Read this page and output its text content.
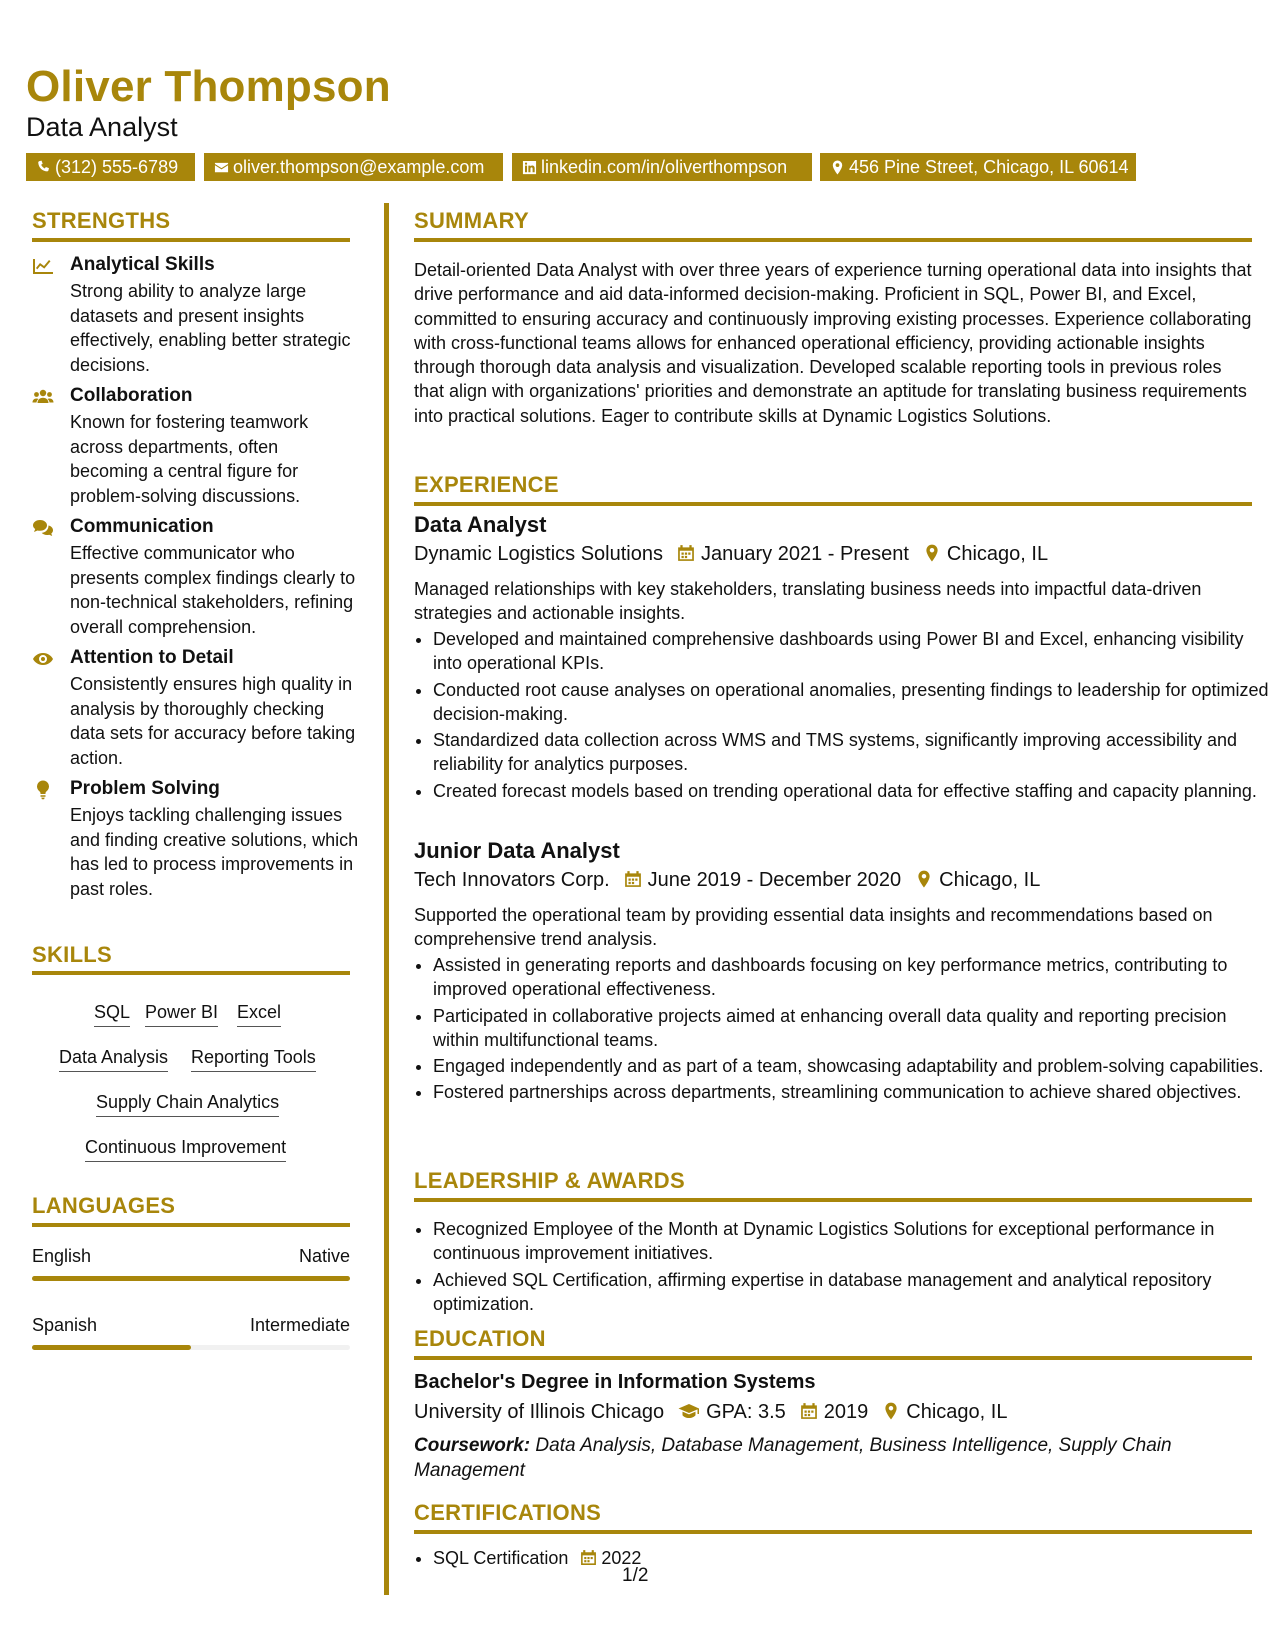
Oliver Thompson
Data Analyst
(312) 555-6789	oliver.thompson@example.com	linkedin.com/in/oliverthompson	456 Pine Street, Chicago, IL 60614
STRENGTHS
Analytical Skills
Strong ability to analyze large datasets and present insights effectively, enabling better strategic decisions.
Collaboration
Known for fostering teamwork across departments, often becoming a central figure for problem-solving discussions.
Communication
Effective communicator who presents complex findings clearly to non-technical stakeholders, refining overall comprehension.
Attention to Detail
Consistently ensures high quality in analysis by thoroughly checking data sets for accuracy before taking action.
Problem Solving
Enjoys tackling challenging issues and finding creative solutions, which has led to process improvements in past roles.
SKILLS
SQL Power BI Excel
Data Analysis Reporting Tools
Supply Chain Analytics
Continuous Improvement
LANGUAGES
English	Native
Spanish	Intermediate
SUMMARY
Detail-oriented Data Analyst with over three years of experience turning operational data into insights that drive performance and aid data-informed decision-making. Proficient in SQL, Power BI, and Excel, committed to ensuring accuracy and continuously improving existing processes. Experience collaborating with cross-functional teams allows for enhanced operational efficiency, providing actionable insights through thorough data analysis and visualization. Developed scalable reporting tools in previous roles that align with organizations' priorities and demonstrate an aptitude for translating business requirements into practical solutions. Eager to contribute skills at Dynamic Logistics Solutions.
EXPERIENCE
Data Analyst
Dynamic Logistics Solutions January 2021 - Present Chicago, IL
Managed relationships with key stakeholders, translating business needs into impactful data-driven strategies and actionable insights.
• Developed and maintained comprehensive dashboards using Power BI and Excel, enhancing visibility into operational KPIs.
• Conducted root cause analyses on operational anomalies, presenting findings to leadership for optimized decision-making.
• Standardized data collection across WMS and TMS systems, significantly improving accessibility and reliability for analytics purposes.
• Created forecast models based on trending operational data for effective staffing and capacity planning.
Junior Data Analyst
Tech Innovators Corp. June 2019 - December 2020 Chicago, IL
Supported the operational team by providing essential data insights and recommendations based on comprehensive trend analysis.
• Assisted in generating reports and dashboards focusing on key performance metrics, contributing to improved operational effectiveness.
• Participated in collaborative projects aimed at enhancing overall data quality and reporting precision within multifunctional teams.
• Engaged independently and as part of a team, showcasing adaptability and problem-solving capabilities.
• Fostered partnerships across departments, streamlining communication to achieve shared objectives.
LEADERSHIP & AWARDS
• Recognized Employee of the Month at Dynamic Logistics Solutions for exceptional performance in continuous improvement initiatives.
• Achieved SQL Certification, affirming expertise in database management and analytical repository optimization.
EDUCATION
Bachelor's Degree in Information Systems
University of Illinois Chicago GPA: 3.5 2019 Chicago, IL
Coursework: Data Analysis, Database Management, Business Intelligence, Supply Chain Management
CERTIFICATIONS
• SQL Certification 2022
1/2
